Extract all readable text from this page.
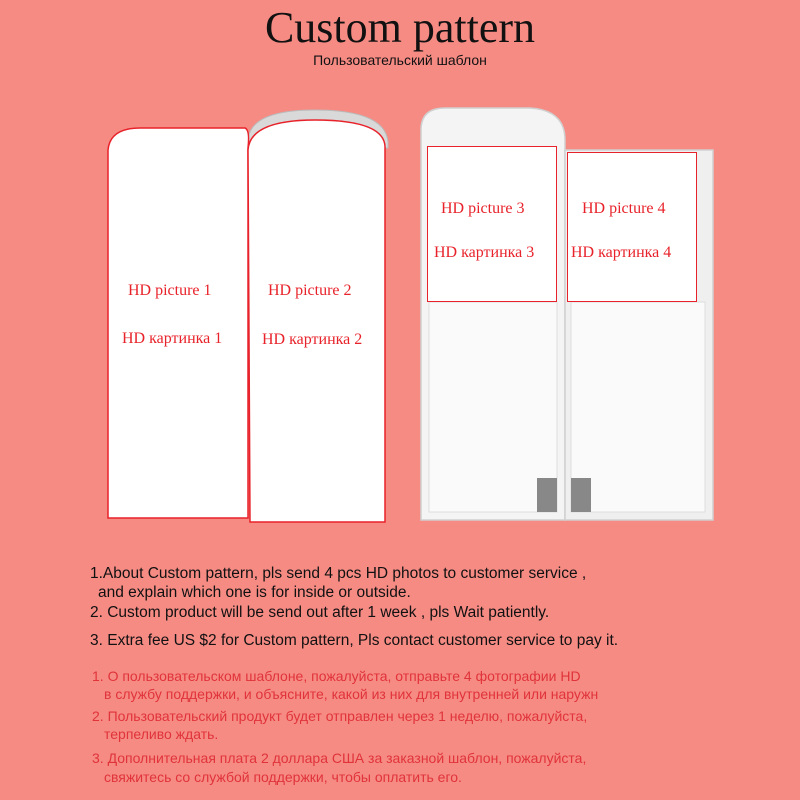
Custom pattern
Пользовательский шаблон
HD picture 1
HD картинка 1
HD picture 2
HD картинка 2
HD picture 3
HD картинка 3
HD picture 4
HD картинка 4
1.About Custom pattern, pls send 4 pcs HD photos to customer service ,
and explain which one is for inside or outside.
2. Custom product will be send out after 1 week , pls Wait patiently.
3. Extra fee US $2 for Custom pattern, Pls contact customer service to pay it.
1. О пользовательском шаблоне, пожалуйста, отправьте 4 фотографии HD
в службу поддержки, и объясните, какой из них для внутренней или наружн
2. Пользовательский продукт будет отправлен через 1 неделю, пожалуйста,
терпеливо ждать.
3. Дополнительная плата 2 доллара США за заказной шаблон, пожалуйста,
свяжитесь со службой поддержки, чтобы оплатить его.
